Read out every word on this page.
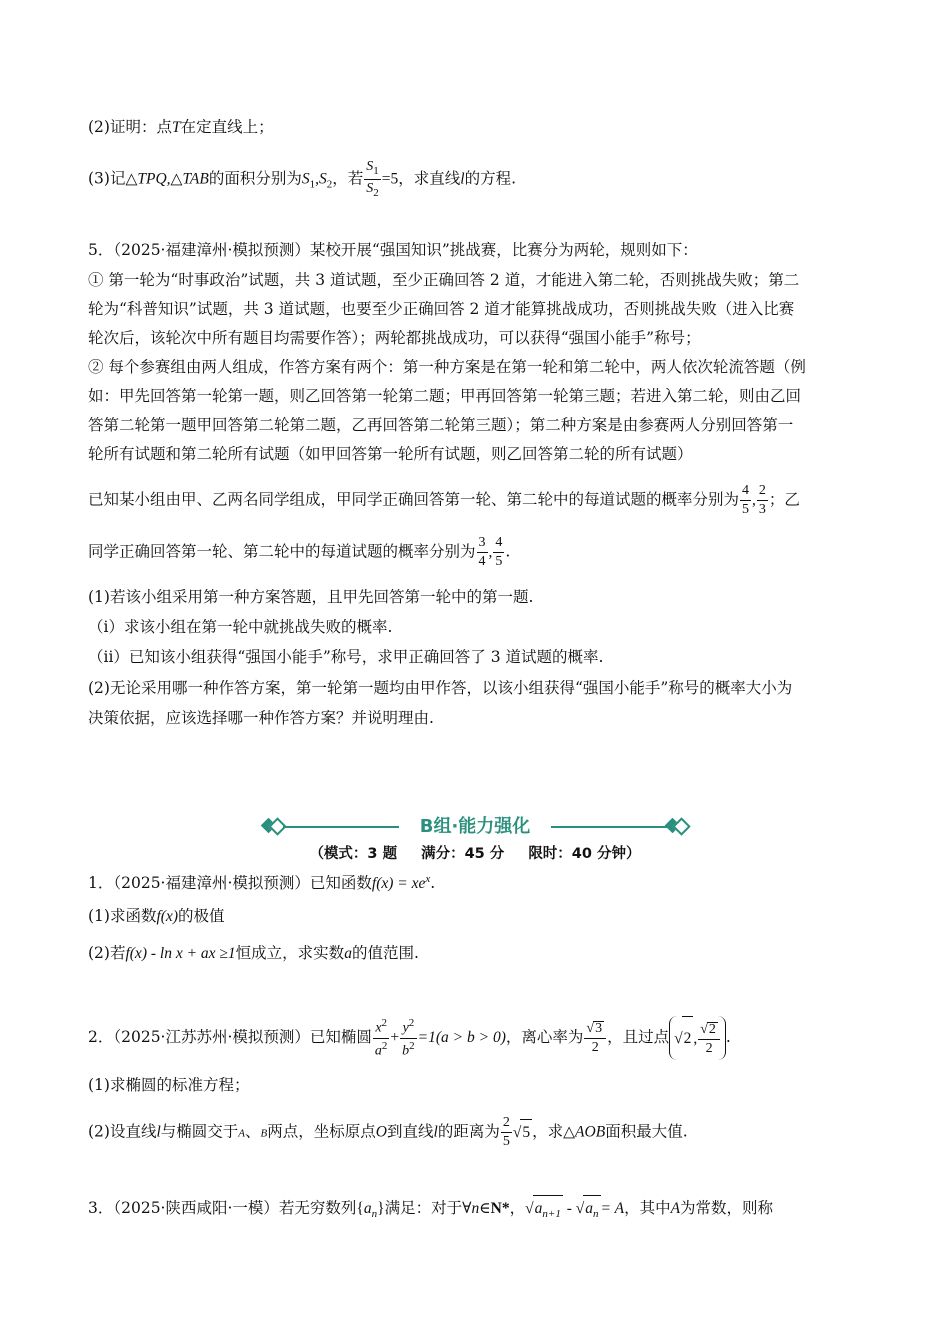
(2)证明：点T在定直线上；
(3)记△TPQ,△TAB的面积分别为$S_1,S_2$，若 $\frac{S_1}{S_2} =5$，求直线l的方程.
5．（2025·福建漳州·模拟预测）某校开展“强国知识”挑战赛，比赛分为两轮，规则如下：
① 第一轮为“时事政治”试题，共 3 道试题，至少正确回答 2 道，才能进入第二轮，否则挑战失败；第二
轮为“科普知识”试题，共 3 道试题，也要至少正确回答 2 道才能算挑战成功，否则挑战失败（进入比赛
轮次后，该轮次中所有题目均需要作答）；两轮都挑战成功，可以获得“强国小能手”称号；
② 每个参赛组由两人组成，作答方案有两个：第一种方案是在第一轮和第二轮中，两人依次轮流答题（例
如：甲先回答第一轮第一题，则乙回答第一轮第二题；甲再回答第一轮第三题；若进入第二轮，则由乙回
答第二轮第一题甲回答第二轮第二题，乙再回答第二轮第三题）；第二种方案是由参赛两人分别回答第一
轮所有试题和第二轮所有试题（如甲回答第一轮所有试题，则乙回答第二轮的所有试题）
已知某小组由甲、乙两名同学组成，甲同学正确回答第一轮、第二轮中的每道试题的概率分别为 $\frac{4}{5}$ , $\frac{2}{3}$ ；乙
同学正确回答第一轮、第二轮中的每道试题的概率分别为 $\frac{3}{4}$ , $\frac{4}{5}$ .
(1)若该小组采用第一种方案答题，且甲先回答第一轮中的第一题.
（i）求该小组在第一轮中就挑战失败的概率.
（ii）已知该小组获得“强国小能手”称号，求甲正确回答了 3 道试题的概率.
(2)无论采用哪一种作答方案，第一轮第一题均由甲作答，以该小组获得“强国小能手”称号的概率大小为
决策依据，应该选择哪一种作答方案？并说明理由.
B组·能力强化
（模式：3 题 满分：45 分 限时：40 分钟）
1．（2025·福建漳州·模拟预测）已知函数$f(x) = xe^x$.
(1)求函数f(x)的极值
(2)若f(x) - ln x + ax ≥1恒成立，求实数a的值范围.
2．（2025·江苏苏州·模拟预测）已知椭圆 $\frac{x^2}{a^2} + \frac{y^2}{b^2} =1(a > b > 0)$，离心率为 $\frac{√3}{2}$ ，且过点 √2 , $\frac{√2}{2}$ .
(1)求椭圆的标准方程；
(2)设直线l与椭圆交于A、B两点，坐标原点O到直线l的距离为 $\frac{2}{5} √5$ ，求△AOB面积最大值.
3．（2025·陕西咸阳·一模）若无穷数列$\{a_n\}$满足：对于∀n∈N*，$√a_{n+1} - √a_n = A$，其中A为常数，则称
